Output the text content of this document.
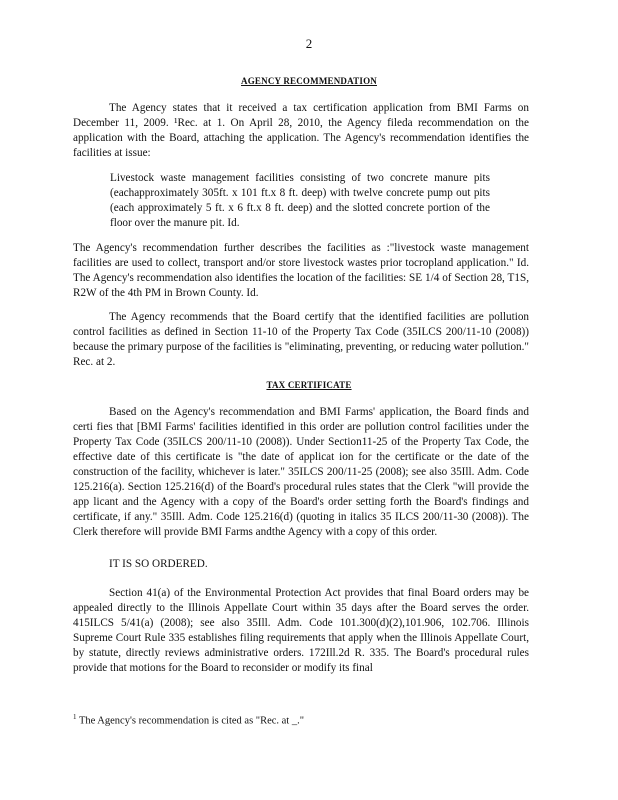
2
AGENCY RECOMMENDATION
The Agency states that it received a tax certification application from BMI Farms on December 11, 2009. ¹Rec. at 1. On April 28, 2010, the Agency fileda recommendation on the application with the Board, attaching the application. The Agency's recommendation identifies the facilities at issue:
Livestock waste management facilities consisting of two concrete manure pits (eachapproximately 305ft. x 101 ft.x 8 ft. deep) with twelve concrete pump out pits (each approximately 5 ft. x 6 ft.x 8 ft. deep) and the slotted concrete portion of the floor over the manure pit. Id.
The Agency's recommendation further describes the facilities as :"livestock waste management facilities are used to collect, transport and/or store livestock wastes prior tocropland application." Id. The Agency's recommendation also identifies the location of the facilities: SE 1/4 of Section 28, T1S, R2W of the 4th PM in Brown County. Id.
The Agency recommends that the Board certify that the identified facilities are pollution control facilities as defined in Section 11-10 of the Property Tax Code (35ILCS 200/11-10 (2008)) because the primary purpose of the facilities is "eliminating, preventing, or reducing water pollution." Rec. at 2.
TAX CERTIFICATE
Based on the Agency's recommendation and BMI Farms' application, the Board finds and certi fies that [BMI Farms' facilities identified in this order are pollution control facilities under the Property Tax Code (35ILCS 200/11-10 (2008)). Under Section11-25 of the Property Tax Code, the effective date of this certificate is "the date of applicat ion for the certificate or the date of the construction of the facility, whichever is later." 35ILCS 200/11-25 (2008); see also 35Ill. Adm. Code 125.216(a). Section 125.216(d) of the Board's procedural rules states that the Clerk "will provide the app licant and the Agency with a copy of the Board's order setting forth the Board's findings and certificate, if any." 35Ill. Adm. Code 125.216(d) (quoting in italics 35 ILCS 200/11-30 (2008)). The Clerk therefore will provide BMI Farms andthe Agency with a copy of this order.
IT IS SO ORDERED.
Section 41(a) of the Environmental Protection Act provides that final Board orders may be appealed directly to the Illinois Appellate Court within 35 days after the Board serves the order. 415ILCS 5/41(a) (2008); see also 35Ill. Adm. Code 101.300(d)(2),101.906, 102.706. Illinois Supreme Court Rule 335 establishes filing requirements that apply when the Illinois Appellate Court, by statute, directly reviews administrative orders. 172Ill.2d R. 335. The Board's procedural rules provide that motions for the Board to reconsider or modify its final
$^1$ The Agency's recommendation is cited as "Rec. at _."
